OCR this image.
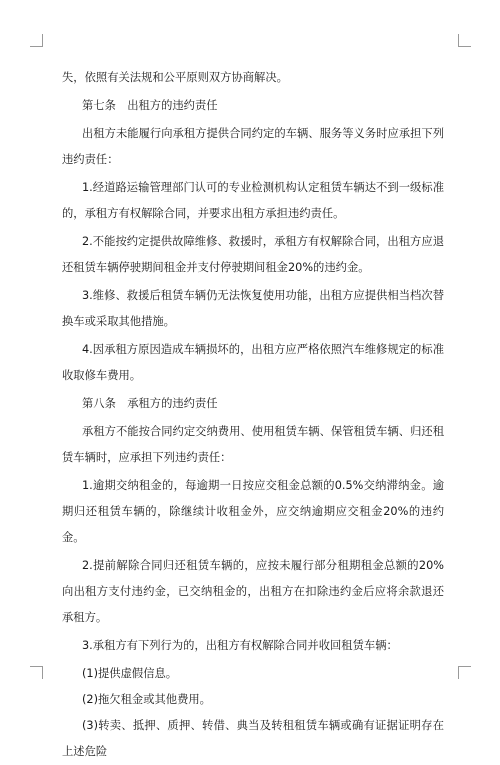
失，依照有关法规和公平原则双方协商解决。

第七条　出租方的违约责任

出租方未能履行向承租方提供合同约定的车辆、服务等义务时应承担下列违约责任：

1.经道路运输管理部门认可的专业检测机构认定租赁车辆达不到一级标准的，承租方有权解除合同，并要求出租方承担违约责任。

2.不能按约定提供故障维修、救援时，承租方有权解除合同，出租方应退还租赁车辆停驶期间租金并支付停驶期间租金20%的违约金。

3.维修、救援后租赁车辆仍无法恢复使用功能，出租方应提供相当档次替换车或采取其他措施。

4.因承租方原因造成车辆损坏的，出租方应严格依照汽车维修规定的标准收取修车费用。

第八条　承租方的违约责任

承租方不能按合同约定交纳费用、使用租赁车辆、保管租赁车辆、归还租赁车辆时，应承担下列违约责任：

1.逾期交纳租金的，每逾期一日按应交租金总额的0.5%交纳滞纳金。逾期归还租赁车辆的，除继续计收租金外，应交纳逾期应交租金20%的违约金。

2.提前解除合同归还租赁车辆的，应按未履行部分租期租金总额的20%向出租方支付违约金，已交纳租金的，出租方在扣除违约金后应将余款退还承租方。

3.承租方有下列行为的，出租方有权解除合同并收回租赁车辆：

(1)提供虚假信息。

(2)拖欠租金或其他费用。

(3)转卖、抵押、质押、转借、典当及转租租赁车辆或确有证据证明存在上述危险
